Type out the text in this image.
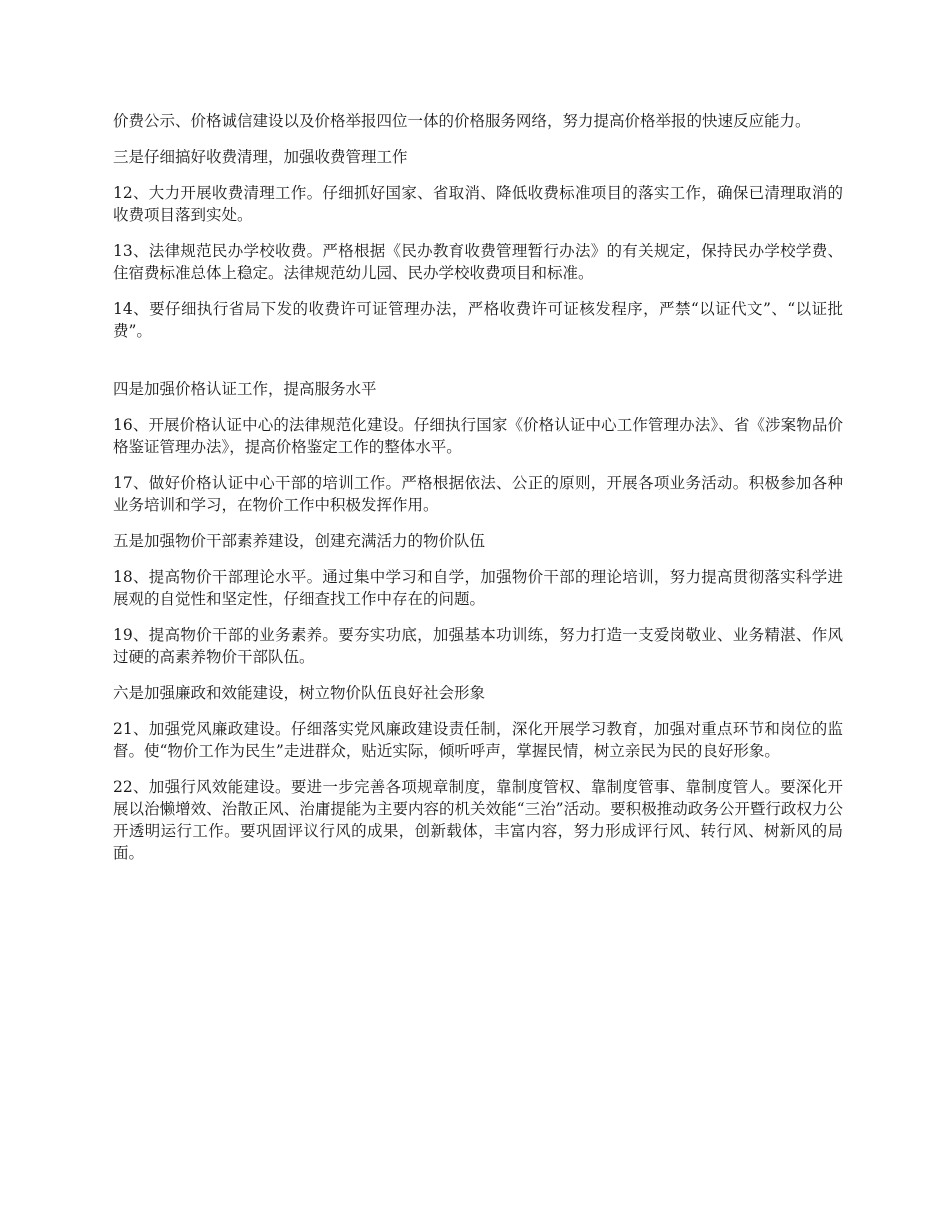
价费公示、价格诚信建设以及价格举报四位一体的价格服务网络，努力提高价格举报的快速反应能力。

三是仔细搞好收费清理，加强收费管理工作

12、大力开展收费清理工作。仔细抓好国家、省取消、降低收费标准项目的落实工作，确保已清理取消的收费项目落到实处。

13、法律规范民办学校收费。严格根据《民办教育收费管理暂行办法》的有关规定，保持民办学校学费、住宿费标准总体上稳定。法律规范幼儿园、民办学校收费项目和标准。

14、要仔细执行省局下发的收费许可证管理办法，严格收费许可证核发程序，严禁“以证代文”、“以证批费”。

四是加强价格认证工作，提高服务水平

16、开展价格认证中心的法律规范化建设。仔细执行国家《价格认证中心工作管理办法》、省《涉案物品价格鉴证管理办法》，提高价格鉴定工作的整体水平。

17、做好价格认证中心干部的培训工作。严格根据依法、公正的原则，开展各项业务活动。积极参加各种业务培训和学习，在物价工作中积极发挥作用。

五是加强物价干部素养建设，创建充满活力的物价队伍

18、提高物价干部理论水平。通过集中学习和自学，加强物价干部的理论培训，努力提高贯彻落实科学进展观的自觉性和坚定性，仔细查找工作中存在的问题。

19、提高物价干部的业务素养。要夯实功底，加强基本功训练，努力打造一支爱岗敬业、业务精湛、作风过硬的高素养物价干部队伍。

六是加强廉政和效能建设，树立物价队伍良好社会形象

21、加强党风廉政建设。仔细落实党风廉政建设责任制，深化开展学习教育，加强对重点环节和岗位的监督。使“物价工作为民生”走进群众，贴近实际，倾听呼声，掌握民情，树立亲民为民的良好形象。

22、加强行风效能建设。要进一步完善各项规章制度，靠制度管权、靠制度管事、靠制度管人。要深化开展以治懒增效、治散正风、治庸提能为主要内容的机关效能“三治”活动。要积极推动政务公开暨行政权力公开透明运行工作。要巩固评议行风的成果，创新载体，丰富内容，努力形成评行风、转行风、树新风的局面。
